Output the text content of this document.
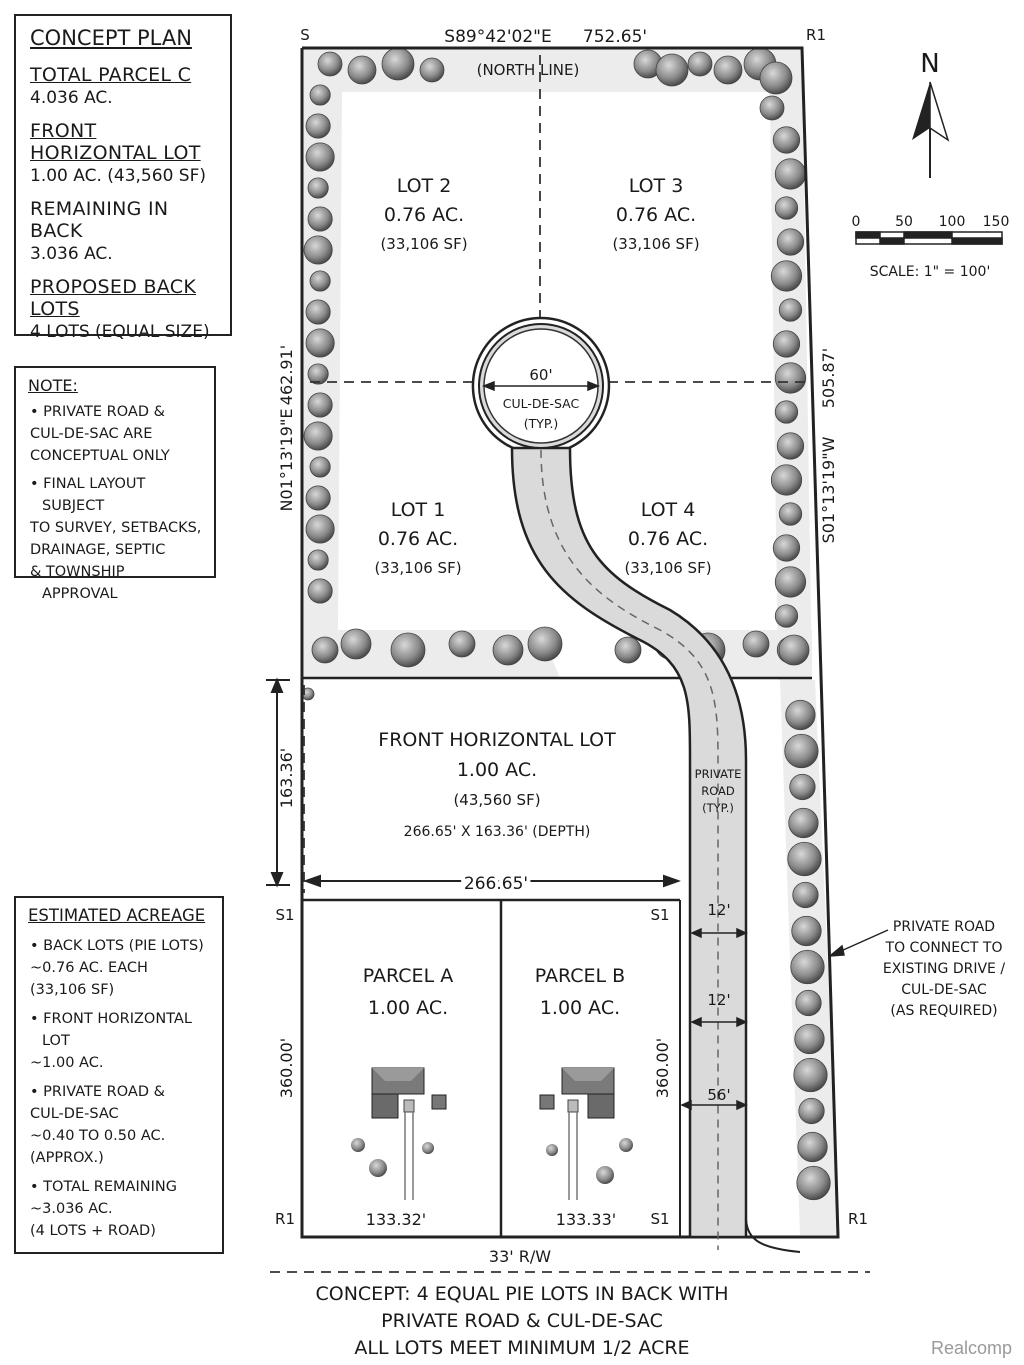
N
0 50 100 150
SCALE: 1" = 100'
S	R1
S89°42'02"E 752.65'
(NORTH LINE)
N01°13'19"E
462.91'
S01°13'19"W
505.87'
LOT 2
0.76 AC.
(33,106 SF)
LOT 3
0.76 AC.
(33,106 SF)
LOT 1
0.76 AC.
(33,106 SF)
LOT 4
0.76 AC.
(33,106 SF)
60'
CUL-DE-SAC
(TYP.)
PRIVATE
ROAD
(TYP.)
FRONT HORIZONTAL LOT
1.00 AC.
(43,560 SF)
266.65' X 163.36' (DEPTH)
163.36'
266.65'
PARCEL A
1.00 AC.
133.32'
PARCEL B
1.00 AC.
133.33'
360.00'	360.00'
S1	S1
R1	S1	R1
12'
12'
56'
PRIVATE ROAD
TO CONNECT TO
EXISTING DRIVE /
CUL-DE-SAC
(AS REQUIRED)
33' R/W
CONCEPT: 4 EQUAL PIE LOTS IN BACK WITH
PRIVATE ROAD & CUL-DE-SAC
ALL LOTS MEET MINIMUM 1/2 ACRE
CONCEPT PLAN
TOTAL PARCEL C
4.036 AC.
FRONT HORIZONTAL LOT
1.00 AC. (43,560 SF)
REMAINING IN BACK
3.036 AC.
PROPOSED BACK LOTS
4 LOTS (EQUAL SIZE)
NOTE:
• PRIVATE ROAD &
CUL-DE-SAC ARE
CONCEPTUAL ONLY
• FINAL LAYOUT SUBJECT
TO SURVEY, SETBACKS,
DRAINAGE, SEPTIC
& TOWNSHIP APPROVAL
ESTIMATED ACREAGE
• BACK LOTS (PIE LOTS)
~0.76 AC. EACH
(33,106 SF)
• FRONT HORIZONTAL LOT
~1.00 AC.
• PRIVATE ROAD &
CUL-DE-SAC
~0.40 TO 0.50 AC.
(APPROX.)
• TOTAL REMAINING
~3.036 AC.
(4 LOTS + ROAD)
Realcomp
